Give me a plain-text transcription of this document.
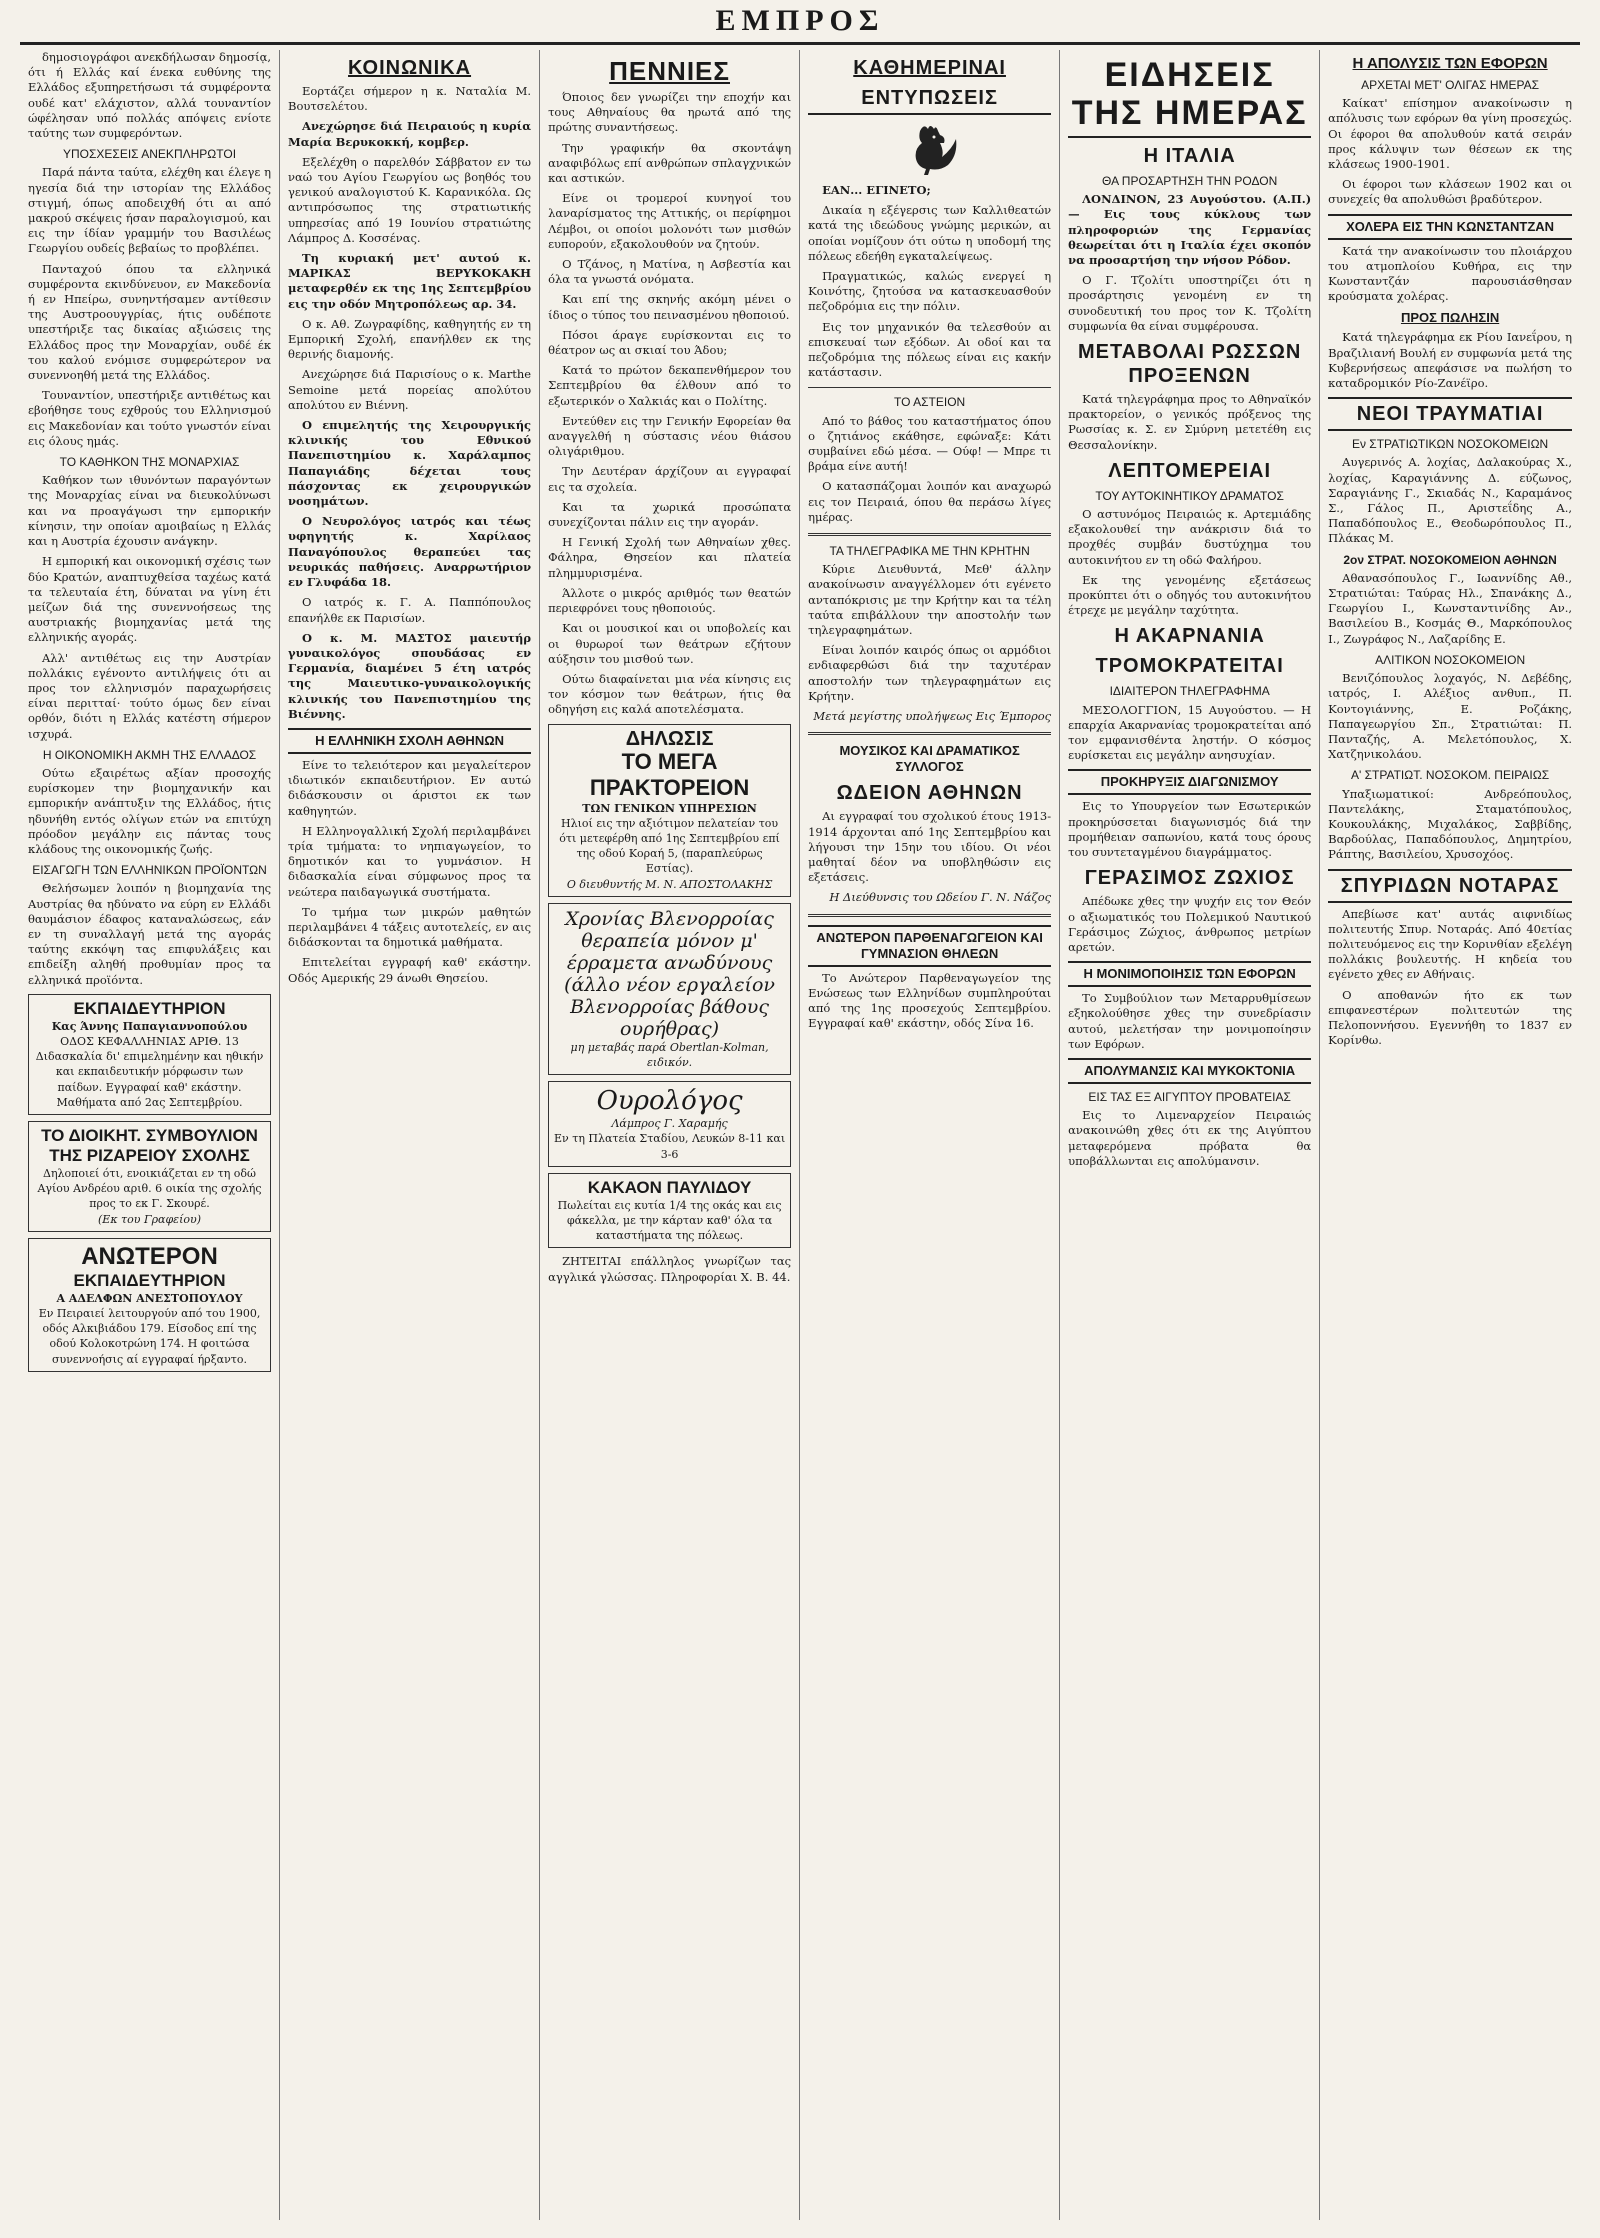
ΕΜΠΡΟΣ

δημοσιογράφοι ανεκδήλωσαν δημοσίᾳ, ότι ή Ελλάς καί ένεκα ευθύνης της Ελλάδος εξυπηρετήσωσι τά συμφέροντα ουδέ κατ' ελάχιστον, αλλά τουναντίον ώφέλησαν υπό πολλάς απόψεις ενίοτε ταύτης των συμφερόντων.

ΥΠΟΣΧΕΣΕΙΣ ΑΝΕΚΠΛΗΡΩΤΟΙ

Παρά πάντα ταύτα, ελέχθη και έλεγε η ηγεσία διά την ιστορίαν της Ελλάδος στιγμή, όπως αποδειχθή ότι αι από μακρού σκέψεις ήσαν παραλογισμού, και εις την ίδίαν γραμμήν του Βασιλέως Γεωργίου ουδείς βεβαίως το προβλέπει.

Πανταχού όπου τα ελληνικά συμφέροντα εκινδύνευον, εν Μακεδονία ή εν Ηπείρω, συνηντήσαμεν αντίθεσιν της Αυστροουγγρίας, ήτις ουδέποτε υπεστήριξε τας δικαίας αξιώσεις της Ελλάδος προς την Μοναρχίαν, ουδέ έκ του καλού ενόμισε συμφερώτερον να συνεννοηθή μετά της Ελλάδος.

Τουναντίον, υπεστήριξε αντιθέτως και εβοήθησε τους εχθρούς του Ελληνισμού εις Μακεδονίαν και τούτο γνωστόν είναι εις όλους ημάς.

ΤΟ ΚΑΘΗΚΟΝ ΤΗΣ ΜΟΝΑΡΧΙΑΣ

Καθήκον των ιθυνόντων παραγόντων της Μοναρχίας είναι να διευκολύνωσι και να προαγάγωσι την εμπορικήν κίνησιν, την οποίαν αμοιβαίως η Ελλάς και η Αυστρία έχουσιν ανάγκην.

Η εμπορική και οικονομική σχέσις των δύο Κρατών, αναπτυχθείσα ταχέως κατά τα τελευταία έτη, δύναται να γίνη έτι μείζων διά της συνεννοήσεως της αυστριακής βιομηχανίας μετά της ελληνικής αγοράς.

Αλλ' αντιθέτως εις την Αυστρίαν πολλάκις εγένοντο αντιλήψεις ότι αι προς τον ελληνισμόν παραχωρήσεις είναι περιτταί· τούτο όμως δεν είναι ορθόν, διότι η Ελλάς κατέστη σήμερον ισχυρά.

Η ΟΙΚΟΝΟΜΙΚΗ ΑΚΜΗ ΤΗΣ ΕΛΛΑΔΟΣ

Ούτω εξαιρέτως αξίαν προσοχής ευρίσκομεν την βιομηχανικήν και εμπορικήν ανάπτυξιν της Ελλάδος, ήτις ηδυνήθη εντός ολίγων ετών να επιτύχη πρόοδον μεγάλην εις πάντας τους κλάδους της οικονομικής ζωής.

ΕΙΣΑΓΩΓΗ ΤΩΝ ΕΛΛΗΝΙΚΩΝ ΠΡΟΪΟΝΤΩΝ

Θελήσωμεν λοιπόν η βιομηχανία της Αυστρίας θα ηδύνατο να εύρη εν Ελλάδι θαυμάσιον έδαφος καταναλώσεως, εάν εν τη συναλλαγή μετά της αγοράς ταύτης εκκόψη τας επιφυλάξεις και επιδείξη αληθή προθυμίαν προς τα ελληνικά προϊόντα.

ΕΚΠΑΙΔΕΥΤΗΡΙΟΝ
Κας Άννης Παπαγιαννοπούλου
ΟΔΟΣ ΚΕΦΑΛΛΗΝΙΑΣ ΑΡΙΘ. 13
Διδασκαλία δι' επιμελημένην και ηθικήν και εκπαιδευτικήν μόρφωσιν των παίδων. Εγγραφαί καθ' εκάστην. Μαθήματα από 2ας Σεπτεμβρίου.
ΤΟ ΔΙΟΙΚΗΤ. ΣΥΜΒΟΥΛΙΟΝ ΤΗΣ ΡΙΖΑΡΕΙΟΥ ΣΧΟΛΗΣ
Δηλοποιεί ότι, ενοικιάζεται εν τη οδώ Αγίου Ανδρέου αριθ. 6 οικία της σχολής προς το εκ Γ. Σκουρέ.
(Εκ του Γραφείου)
ΑΝΩΤΕΡΟΝ
ΕΚΠΑΙΔΕΥΤΗΡΙΟΝ
Α ΑΔΕΛΦΩΝ ΑΝΕΣΤΟΠΟΥΛΟΥ
Εν Πειραιεί λειτουργούν από του 1900, οδός Αλκιβιάδου 179. Είσοδος επί της οδού Κολοκοτρώνη 174. Η φοιτώσα συνεννοήσις αί εγγραφαί ήρξαντο.
ΚΟΙΝΩΝΙΚΑ

Εορτάζει σήμερον η κ. Ναταλία Μ. Βουτσελέτου.

Ανεχώρησε διά Πειραιούς η κυρία Μαρία Βερυκοκκή, κομβερ.

Εξελέχθη ο παρελθόν Σάββατον εν τω ναώ του Αγίου Γεωργίου ως βοηθός του γενικού αναλογιστού Κ. Καρανικόλα. Ως αντιπρόσωπος της στρατιωτικής υπηρεσίας από 19 Ιουνίου στρατιώτης Λάμπρος Δ. Κοσσένας.

Τη κυριακή μετ' αυτού κ. ΜΑΡΙΚΑΣ ΒΕΡΥΚΟΚΑΚΗ μεταφερθέν εκ της 1ης Σεπτεμβρίου εις την οδόν Μητροπόλεως αρ. 34.

Ο κ. Αθ. Ζωγραφίδης, καθηγητής εν τη Εμπορική Σχολή, επανήλθεν εκ της θερινής διαμονής.

Ανεχώρησε διά Παρισίους ο κ. Marthe Semoine μετά πορείας απολύτου απολύτου εν Βιέννη.

Ο επιμελητής της Χειρουργικής κλινικής του Εθνικού Πανεπιστημίου κ. Χαράλαμπος Παπαγιάδης δέχεται τους πάσχοντας εκ χειρουργικών νοσημάτων.

Ο Νευρολόγος ιατρός και τέως υφηγητής κ. Χαρίλαος Παναγόπουλος θεραπεύει τας νευρικάς παθήσεις. Αναρρωτήριον εν Γλυφάδα 18.

Ο ιατρός κ. Γ. Α. Παππόπουλος επανήλθε εκ Παρισίων.

Ο κ. Μ. ΜΑΣΤΟΣ μαιευτήρ γυναικολόγος σπουδάσας εν Γερμανία, διαμένει 5 έτη ιατρός της Μαιευτικο-γυναικολογικής κλινικής του Πανεπιστημίου της Βιέννης.

Η ΕΛΛΗΝΙΚΗ ΣΧΟΛΗ ΑΘΗΝΩΝ

Είνε το τελειότερον και μεγαλείτερον ιδιωτικόν εκπαιδευτήριον. Εν αυτώ διδάσκουσιν οι άριστοι εκ των καθηγητών.

Η Ελληνογαλλική Σχολή περιλαμβάνει τρία τμήματα: το νηπιαγωγείον, το δημοτικόν και το γυμνάσιον. Η διδασκαλία είναι σύμφωνος προς τα νεώτερα παιδαγωγικά συστήματα.

Το τμήμα των μικρών μαθητών περιλαμβάνει 4 τάξεις αυτοτελείς, εν αις διδάσκονται τα δημοτικά μαθήματα.

Επιτελείται εγγραφή καθ' εκάστην. Οδός Αμερικής 29 άνωθι Θησείου.

ΠΕΝΝΙΕΣ

Όποιος δεν γνωρίζει την εποχήν και τους Αθηναίους θα ηρωτά από της πρώτης συναντήσεως.

Την γραφικήν θα σκοντάψη αναφιβόλως επί ανθρώπων σπλαγχνικών και αστικών.

Είνε οι τρομεροί κυνηγοί του λαναρίσματος της Αττικής, οι περίφημοι Λέμβοι, οι οποίοι μολονότι των μισθών ευπορούν, εξακολουθούν να ζητούν.

Ο Τζάνος, η Ματίνα, η Ασβεστία και όλα τα γνωστά ονόματα.

Και επί της σκηνής ακόμη μένει ο ίδιος ο τύπος του πεινασμένου ηθοποιού.

Πόσοι άραγε ευρίσκονται εις το θέατρον ως αι σκιαί του Άδου;

Κατά το πρώτον δεκαπενθήμερον του Σεπτεμβρίου θα έλθουν από το εξωτερικόν ο Χαλκιάς και ο Πολίτης.

Εντεύθεν εις την Γενικήν Εφορείαν θα αναγγελθή η σύστασις νέου θιάσου ολιγάριθμου.

Την Δευτέραν άρχίζουν αι εγγραφαί εις τα σχολεία.

Και τα χωρικά προσώπατα συνεχίζονται πάλιν εις την αγοράν.

Η Γενική Σχολή των Αθηναίων χθες. Φάληρα, Θησείον και πλατεία πλημμυρισμένα.

Άλλοτε ο μικρός αριθμός των θεατών περιεφρόνει τους ηθοποιούς.

Και οι μουσικοί και οι υποβολείς και οι θυρωροί των θεάτρων εζήτουν αύξησιν του μισθού των.

Ούτω διαφαίνεται μια νέα κίνησις εις τον κόσμον των θεάτρων, ήτις θα οδηγήση εις καλά αποτελέσματα.

ΔΗΛΩΣΙΣ
ΤΟ ΜΕΓΑ ΠΡΑΚΤΟΡΕΙΟΝ
ΤΩΝ ΓΕΝΙΚΩΝ ΥΠΗΡΕΣΙΩΝ
Ηλιοί εις την αξιότιμον πελατείαν του ότι μετεφέρθη από 1ης Σεπτεμβρίου επί της οδού Κοραή 5, (παραπλεύρως Εστίας).
Ο διευθυντής Μ. Ν. ΑΠΟΣΤΟΛΑΚΗΣ
Χρονίας Βλενορροίας θεραπεία μόνον μ' έρραμετα ανωδύνους (άλλο νέον εργαλείον Βλενορροίας βάθους ουρήθρας)
μη μεταβάς παρά Obertlan-Kolman, ειδικόν.
Ουρολόγος
Λάμπρος Γ. Χαραμής
Εν τη Πλατεία Σταδίου, Λευκών 8-11 και 3-6
ΚΑΚΑΟΝ ΠΑΥΛΙΔΟΥ
Πωλείται εις κυτία 1/4 της οκάς και εις φάκελλα, με την κάρταν καθ' όλα τα καταστήματα της πόλεως.

ΖΗΤΕΙΤΑΙ επάλληλος γνωρίζων τας αγγλικά γλώσσας. Πληροφορίαι Χ. Β. 44.

ΚΑΘΗΜΕΡΙΝΑΙ
ΕΝΤΥΠΩΣΕΙΣ

ΕΑΝ... ΕΓΙΝΕΤΟ;

Δικαία η εξέγερσις των Καλλιθεατών κατά της ιδεώδους γνώμης μερικών, αι οποίαι νομίζουν ότι ούτω η υποδομή της πόλεως εδεήθη εγκαταλείψεως.

Πραγματικώς, καλώς ενεργεί η Κοινότης, ζητούσα να κατασκευασθούν πεζοδρόμια εις την πόλιν.

Εις τον μηχανικόν θα τελεσθούν αι επισκευαί των εξόδων. Αι οδοί και τα πεζοδρόμια της πόλεως είναι εις κακήν κατάστασιν.

ΤΟ ΑΣΤΕΙΟΝ

Από το βάθος του καταστήματος όπου ο ζητιάνος εκάθησε, εφώναξε: Κάτι συμβαίνει εδώ μέσα. — Ούφ! — Μπρε τι βράμα είνε αυτή!

Ο κατασπάζομαι λοιπόν και αναχωρώ εις τον Πειραιά, όπου θα περάσω λίγες ημέρας.

ΤΑ ΤΗΛΕΓΡΑΦΙΚΑ ΜΕ ΤΗΝ ΚΡΗΤΗΝ

Κύριε Διευθυντά, Μεθ' άλλην ανακοίνωσιν αναγγέλλομεν ότι εγένετο ανταπόκρισις με την Κρήτην και τα τέλη ταύτα επιβάλλουν την αποστολήν των τηλεγραφημάτων.

Είναι λοιπόν καιρός όπως οι αρμόδιοι ενδιαφερθώσι διά την ταχυτέραν αποστολήν των τηλεγραφημάτων εις Κρήτην.

Μετά μεγίστης υπολήψεως Εις Έμπορος
ΜΟΥΣΙΚΟΣ ΚΑΙ ΔΡΑΜΑΤΙΚΟΣ ΣΥΛΛΟΓΟΣ
ΩΔΕΙΟΝ ΑΘΗΝΩΝ

Αι εγγραφαί του σχολικού έτους 1913-1914 άρχονται από 1ης Σεπτεμβρίου και λήγουσι την 15ην του ιδίου. Οι νέοι μαθηταί δέον να υποβληθώσιν εις εξετάσεις.

Η Διεύθυνσις του Ωδείου Γ. Ν. Νάζος

ΑΝΩΤΕΡΟΝ ΠΑΡΘΕΝΑΓΩΓΕΙΟΝ ΚΑΙ ΓΥΜΝΑΣΙΟΝ ΘΗΛΕΩΝ

Το Ανώτερον Παρθεναγωγείον της Ενώσεως των Ελληνίδων συμπληρούται από της 1ης προσεχούς Σεπτεμβρίου. Εγγραφαί καθ' εκάστην, οδός Σίνα 16.

ΕΙΔΗΣΕΙΣ ΤΗΣ ΗΜΕΡΑΣ
Η ΙΤΑΛΙΑ
ΘΑ ΠΡΟΣΑΡΤΗΣΗ ΤΗΝ ΡΟΔΟΝ

ΛΟΝΔΙΝΟΝ, 23 Αυγούστου. (Α.Π.) — Εις τους κύκλους των πληροφοριών της Γερμανίας θεωρείται ότι η Ιταλία έχει σκοπόν να προσαρτήση την νήσον Ρόδον.

Ο Γ. Τζολίτι υποστηρίζει ότι η προσάρτησις γενομένη εν τη συνοδευτική του προς τον Κ. Τζολίτη συμφωνία θα είναι συμφέρουσα.

ΜΕΤΑΒΟΛΑΙ ΡΩΣΣΩΝ ΠΡΟΞΕΝΩΝ

Κατά τηλεγράφημα προς το Αθηναϊκόν πρακτορείον, ο γενικός πρόξενος της Ρωσσίας κ. Σ. εν Σμύρνη μετετέθη εις Θεσσαλονίκην.

ΛΕΠΤΟΜΕΡΕΙΑΙ
ΤΟΥ ΑΥΤΟΚΙΝΗΤΙΚΟΥ ΔΡΑΜΑΤΟΣ

Ο αστυνόμος Πειραιώς κ. Αρτεμιάδης εξακολουθεί την ανάκρισιν διά το προχθές συμβάν δυστύχημα του αυτοκινήτου εν τη οδώ Φαλήρου.

Εκ της γενομένης εξετάσεως προκύπτει ότι ο οδηγός του αυτοκινήτου έτρεχε με μεγάλην ταχύτητα.

Η ΑΚΑΡΝΑΝΙΑ
ΤΡΟΜΟΚΡΑΤΕΙΤΑΙ
ΙΔΙΑΙΤΕΡΟΝ ΤΗΛΕΓΡΑΦΗΜΑ

ΜΕΣΟΛΟΓΓΙΟΝ, 15 Αυγούστου. — Η επαρχία Ακαρνανίας τρομοκρατείται από τον εμφανισθέντα ληστήν. Ο κόσμος ευρίσκεται εις μεγάλην ανησυχίαν.

ΠΡΟΚΗΡΥΞΙΣ ΔΙΑΓΩΝΙΣΜΟΥ

Εις το Υπουργείον των Εσωτερικών προκηρύσσεται διαγωνισμός διά την προμήθειαν σαπωνίου, κατά τους όρους του συντεταγμένου διαγράμματος.

ΓΕΡΑΣΙΜΟΣ ΖΩΧΙΟΣ

Απέδωκε χθες την ψυχήν εις τον Θεόν ο αξιωματικός του Πολεμικού Ναυτικού Γεράσιμος Ζώχιος, άνθρωπος μετρίων αρετών.

Η ΜΟΝΙΜΟΠΟΙΗΣΙΣ ΤΩΝ ΕΦΟΡΩΝ

Το Συμβούλιον των Μεταρρυθμίσεων εξηκολούθησε χθες την συνεδρίασιν αυτού, μελετήσαν την μονιμοποίησιν των Εφόρων.

ΑΠΟΛΥΜΑΝΣΙΣ ΚΑΙ ΜΥΚΟΚΤΟΝΙΑ
ΕΙΣ ΤΑΣ ΕΞ ΑΙΓΥΠΤΟΥ ΠΡΟΒΑΤΕΙΑΣ

Εις το Λιμεναρχείον Πειραιώς ανακοινώθη χθες ότι εκ της Αιγύπτου μεταφερόμενα πρόβατα θα υποβάλλωνται εις απολύμανσιν.

Η ΑΠΟΛΥΣΙΣ ΤΩΝ ΕΦΟΡΩΝ
ΑΡΧΕΤΑΙ ΜΕΤ' ΟΛΙΓΑΣ ΗΜΕΡΑΣ

Καίκατ' επίσημον ανακοίνωσιν η απόλυσις των εφόρων θα γίνη προσεχώς. Οι έφοροι θα απολυθούν κατά σειράν προς κάλυψιν των θέσεων εκ της κλάσεως 1900-1901.

Οι έφοροι των κλάσεων 1902 και οι συνεχείς θα απολυθώσι βραδύτερον.

ΧΟΛΕΡΑ ΕΙΣ ΤΗΝ ΚΩΝΣΤΑΝΤΖΑΝ

Κατά την ανακοίνωσιν του πλοιάρχου του ατμοπλοίου Κυθήρα, εις την Κωνσταντζάν παρουσιάσθησαν κρούσματα χολέρας.

ΠΡΟΣ ΠΩΛΗΣΙΝ

Κατά τηλεγράφημα εκ Ρίου Ιανεΐρου, η Βραζιλιανή Βουλή εν συμφωνία μετά της Κυβερνήσεως απεφάσισε να πωλήση το καταδρομικόν Ρίο-Ζανέϊρο.

ΝΕΟΙ ΤΡΑΥΜΑΤΙΑΙ
Εν ΣΤΡΑΤΙΩΤΙΚΩΝ ΝΟΣΟΚΟΜΕΙΩΝ

Αυγερινός Α. λοχίας, Δαλακούρας Χ., λοχίας, Καραγιάννης Δ. εύζωνος, Σαραγιάνης Γ., Σκιαδάς Ν., Καραμάνος Σ., Γάλος Π., Αριστεΐδης Α., Παπαδόπουλος Ε., Θεοδωρόπουλος Π., Πλάκας Μ.

2ον ΣΤΡΑΤ. ΝΟΣΟΚΟΜΕΙΟΝ ΑΘΗΝΩΝ

Αθανασόπουλος Γ., Ιωαννίδης Αθ., Στρατιώται: Ταύρας Ηλ., Σπανάκης Δ., Γεωργίου Ι., Κωνσταντινίδης Αν., Βασιλείου Β., Κοσμάς Θ., Μαρκόπουλος Ι., Ζωγράφος Ν., Λαζαρίδης Ε.

ΑΛΙΤΙΚΟΝ ΝΟΣΟΚΟΜΕΙΟΝ

Βενιζόπουλος λοχαγός, Ν. Δεβέδης, ιατρός, Ι. Αλέξιος ανθυπ., Π. Κοντογιάννης, Ε. Ροζάκης, Παπαγεωργίου Σπ., Στρατιώται: Π. Πανταζής, Α. Μελετόπουλος, Χ. Χατζηνικολάου.

Α' ΣΤΡΑΤΙΩΤ. ΝΟΣΟΚΟΜ. ΠΕΙΡΑΙΩΣ

Υπαξιωματικοί: Ανδρεόπουλος, Παντελάκης, Σταματόπουλος, Κουκουλάκης, Μιχαλάκος, Σαββίδης, Βαρδούλας, Παπαδόπουλος, Δημητρίου, Ράπτης, Βασιλείου, Χρυσοχόος.

ΣΠΥΡΙΔΩΝ ΝΟΤΑΡΑΣ

Απεβίωσε κατ' αυτάς αιφνιδίως πολιτευτής Σπυρ. Νοταράς. Από 40ετίας πολιτευόμενος εις την Κορινθίαν εξελέγη πολλάκις βουλευτής. Η κηδεία του εγένετο χθες εν Αθήναις.

Ο αποθανών ήτο εκ των επιφανεστέρων πολιτευτών της Πελοποννήσου. Εγεννήθη το 1837 εν Κορίνθω.
